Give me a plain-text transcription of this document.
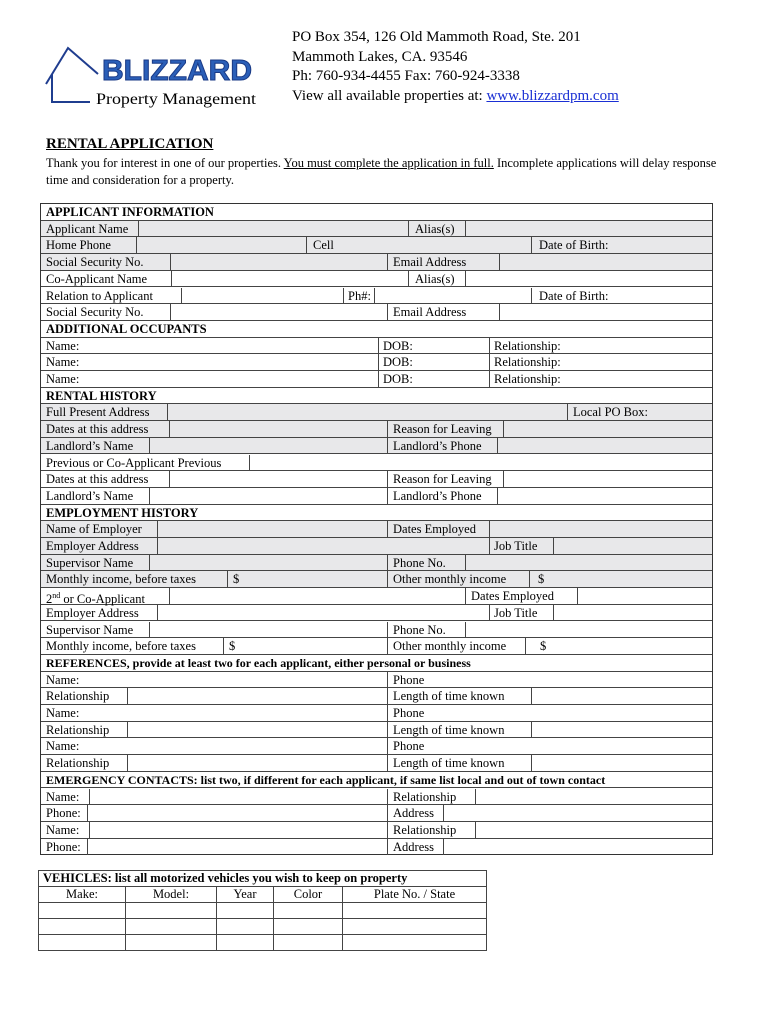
BLIZZARD
Property Management
PO Box 354, 126 Old Mammoth Road, Ste. 201
Mammoth Lakes, CA. 93546
Ph: 760-934-4455 Fax: 760-924-3338
View all available properties at: www.blizzardpm.com
RENTAL APPLICATION
Thank you for interest in one of our properties. You must complete the application in full. Incomplete applications will delay response time and consideration for a property.
APPLICANT INFORMATION
Applicant Name	Alias(s)
Home Phone	Cell	Date of Birth:
Social Security No.	Email Address
Co-Applicant Name	Alias(s)
Relation to Applicant	Ph#:	Date of Birth:
Social Security No.	Email Address
ADDITIONAL OCCUPANTS
Name:	DOB:	Relationship:
Name:	DOB:	Relationship:
Name:	DOB:	Relationship:
RENTAL HISTORY
Full Present Address	Local PO Box:
Dates at this address	Reason for Leaving
Landlord’s Name	Landlord’s Phone
Previous or Co-Applicant Previous
Dates at this address	Reason for Leaving
Landlord’s Name	Landlord’s Phone
EMPLOYMENT HISTORY
Name of Employer	Dates Employed
Employer Address	Job Title
Supervisor Name	Phone No.
Monthly income, before taxes	$	Other monthly income	$
2nd or Co-Applicant	Dates Employed
Employer Address	Job Title
Supervisor Name	Phone No.
Monthly income, before taxes	$	Other monthly income	$
REFERENCES, provide at least two for each applicant, either personal or business
Name:	Phone
Relationship	Length of time known
Name:	Phone
Relationship	Length of time known
Name:	Phone
Relationship	Length of time known
EMERGENCY CONTACTS: list two, if different for each applicant, if same list local and out of town contact
Name:	Relationship
Phone:	Address
Name:	Relationship
Phone:	Address
VEHICLES: list all motorized vehicles you wish to keep on property				
Make:	Model:	Year	Color	Plate No. / State
